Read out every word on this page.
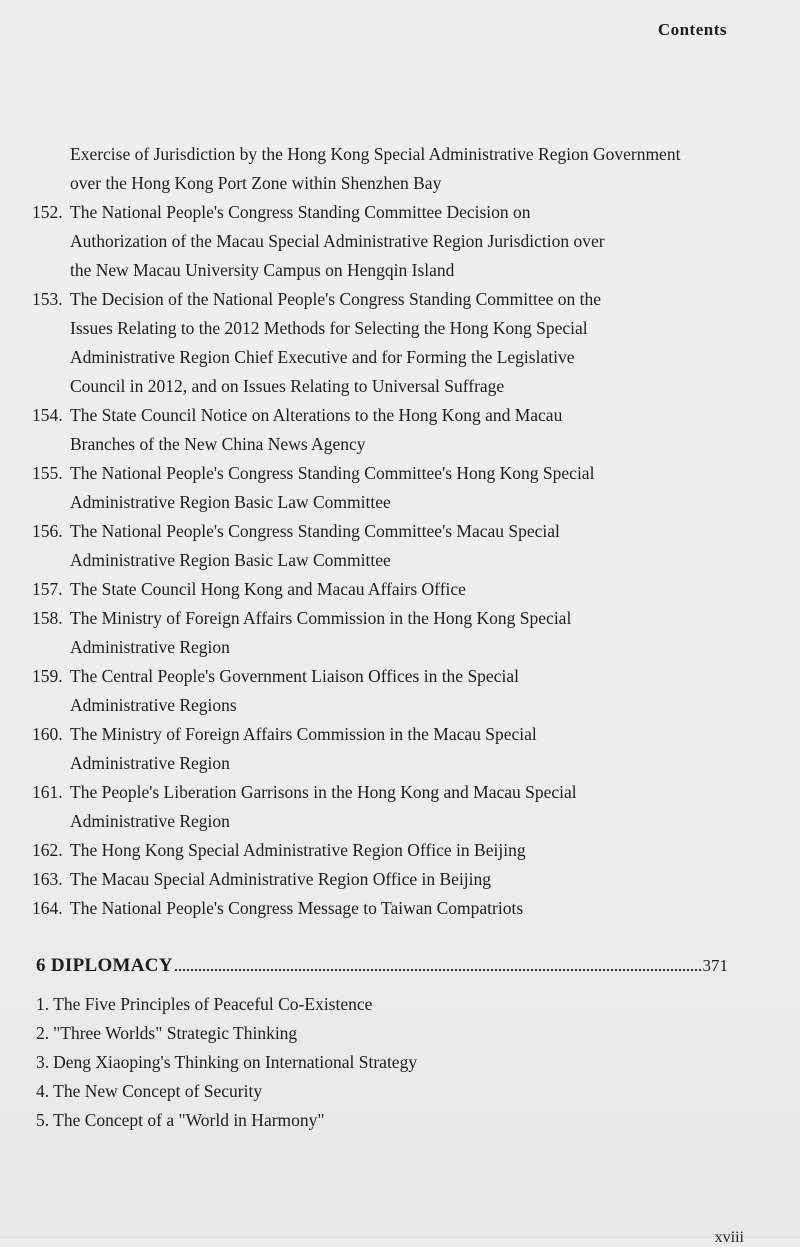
Contents
Exercise of Jurisdiction by the Hong Kong Special Administrative Region Government over the Hong Kong Port Zone within Shenzhen Bay
152. The National People's Congress Standing Committee Decision on
Authorization of the Macau Special Administrative Region Jurisdiction over
the New Macau University Campus on Hengqin Island
153. The Decision of the National People's Congress Standing Committee on the
Issues Relating to the 2012 Methods for Selecting the Hong Kong Special
Administrative Region Chief Executive and for Forming the Legislative
Council in 2012, and on Issues Relating to Universal Suffrage
154. The State Council Notice on Alterations to the Hong Kong and Macau
Branches of the New China News Agency
155. The National People's Congress Standing Committee's Hong Kong Special
Administrative Region Basic Law Committee
156. The National People's Congress Standing Committee's Macau Special
Administrative Region Basic Law Committee
157. The State Council Hong Kong and Macau Affairs Office
158. The Ministry of Foreign Affairs Commission in the Hong Kong Special
Administrative Region
159. The Central People's Government Liaison Offices in the Special
Administrative Regions
160. The Ministry of Foreign Affairs Commission in the Macau Special
Administrative Region
161. The People's Liberation Garrisons in the Hong Kong and Macau Special
Administrative Region
162. The Hong Kong Special Administrative Region Office in Beijing
163. The Macau Special Administrative Region Office in Beijing
164. The National People's Congress Message to Taiwan Compatriots
6 DIPLOMACY	371
1. The Five Principles of Peaceful Co-Existence
2. "Three Worlds" Strategic Thinking
3. Deng Xiaoping's Thinking on International Strategy
4. The New Concept of Security
5. The Concept of a "World in Harmony"
xviii
